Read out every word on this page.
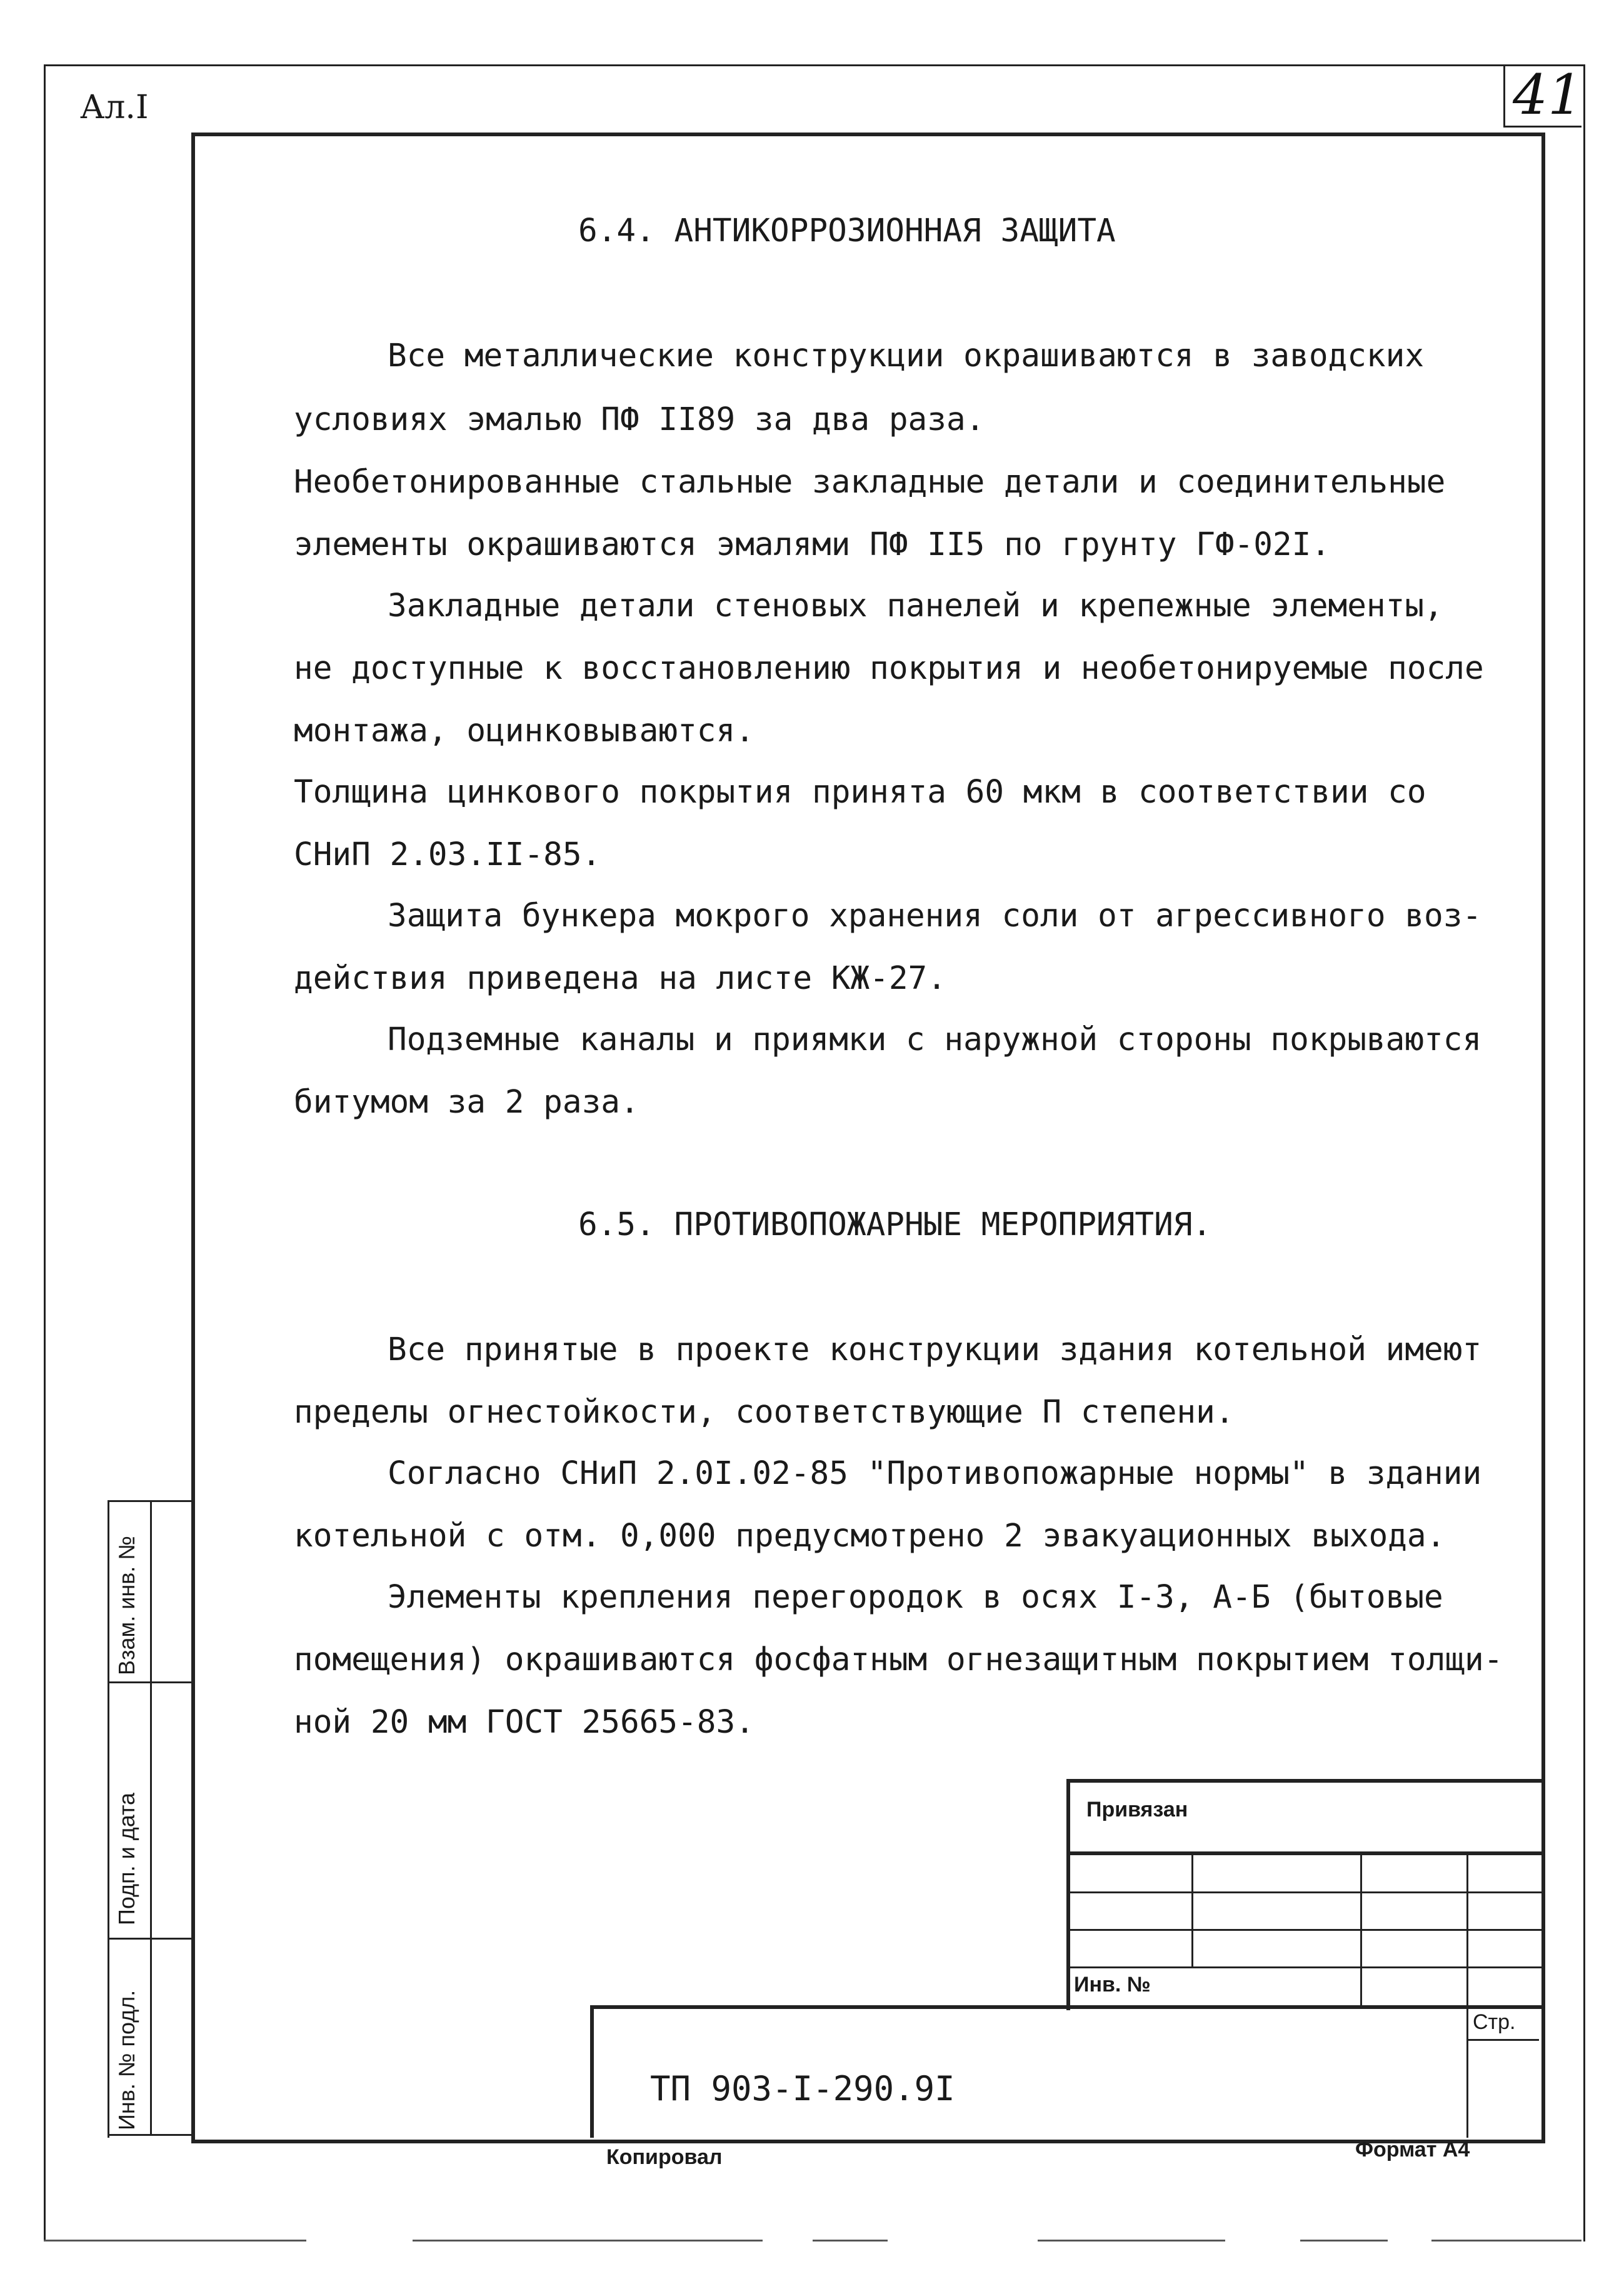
41
Ал.I
6.4. АНТИКОРРОЗИОННАЯ ЗАЩИТА
Все металлические конструкции окрашиваются в заводских
условиях эмалью ПФ II89 за два раза.
Необетонированные стальные закладные детали и соединительные
элементы окрашиваются эмалями ПФ II5 по грунту ГФ-02I.
Закладные детали стеновых панелей и крепежные элементы,
не доступные к восстановлению покрытия и необетонируемые после
монтажа, оцинковываются.
Толщина цинкового покрытия принята 60 мкм в соответствии со
СНиП 2.03.II-85.
Защита бункера мокрого хранения соли от агрессивного воз-
действия приведена на листе КЖ-27.
Подземные каналы и приямки с наружной стороны покрываются
битумом за 2 раза.
6.5. ПРОТИВОПОЖАРНЫЕ МЕРОПРИЯТИЯ.
Все принятые в проекте конструкции здания котельной имеют
пределы огнестойкости, соответствующие П степени.
Согласно СНиП 2.0I.02-85 "Противопожарные нормы" в здании
котельной с отм. 0,000 предусмотрено 2 эвакуационных выхода.
Элементы крепления перегородок в осях I-3, А-Б (бытовые
помещения) окрашиваются фосфатным огнезащитным покрытием толщи-
ной 20 мм ГОСТ 25665-83.
Взам. инв. №
Подп. и дата
Инв. № подл.
Привязан
Инв. №
Стр.
ТП 903-I-290.9I
Копировал	Формат А4
